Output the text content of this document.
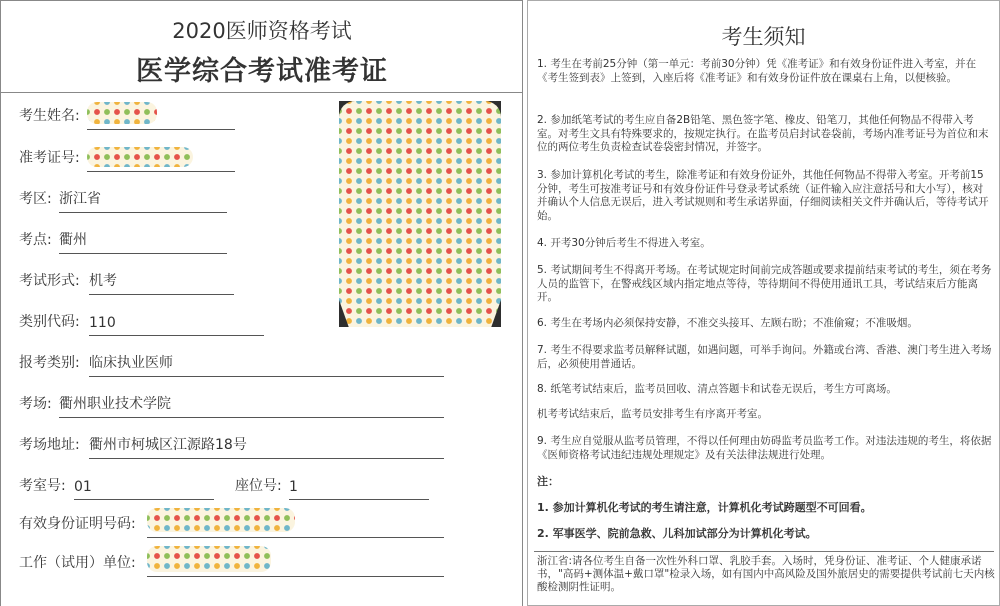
2020医师资格考试
医学综合考试准考证
考生姓名:
准考证号:
考区: 浙江省
考点: 衢州
考试形式: 机考
类别代码: 110
报考类别: 临床执业医师
考场: 衢州职业技术学院
考场地址: 衢州市柯城区江源路18号
考室号: 01	座位号: 1
有效身份证明号码:
工作（试用）单位:
考生须知
1. 考生在考前25分钟（第一单元：考前30分钟）凭《准考证》和有效身份证件进入考室，并在《考生签到表》上签到，入座后将《准考证》和有效身份证件放在课桌右上角，以便核验。
2. 参加纸笔考试的考生应自备2B铅笔、黑色签字笔、橡皮、铅笔刀，其他任何物品不得带入考室。对考生文具有特殊要求的，按规定执行。在监考员启封试卷袋前，考场内准考证号为首位和末位的两位考生负责检查试卷袋密封情况，并签字。
3. 参加计算机化考试的考生，除准考证和有效身份证外，其他任何物品不得带入考室。开考前15分钟，考生可按准考证号和有效身份证件号登录考试系统（证件输入应注意括号和大小写），核对并确认个人信息无误后，进入考试规则和考生承诺界面，仔细阅读相关文件并确认后，等待考试开始。
4. 开考30分钟后考生不得进入考室。
5. 考试期间考生不得离开考场。在考试规定时间前完成答题或要求提前结束考试的考生，须在考务人员的监管下，在警戒线区域内指定地点等待，等待期间不得使用通讯工具，考试结束后方能离开。
6. 考生在考场内必须保持安静，不准交头接耳、左顾右盼；不准偷窥；不准吸烟。
7. 考生不得要求监考员解释试题，如遇问题，可举手询问。外籍或台湾、香港、澳门考生进入考场后，必须使用普通话。
8. 纸笔考试结束后，监考员回收、清点答题卡和试卷无误后，考生方可离场。
机考考试结束后，监考员安排考生有序离开考室。
9. 考生应自觉服从监考员管理，不得以任何理由妨碍监考员监考工作。对违法违规的考生，将依据《医师资格考试违纪违规处理规定》及有关法律法规进行处理。
注：
1. 参加计算机化考试的考生请注意，计算机化考试跨题型不可回看。
2. 军事医学、院前急救、儿科加试部分为计算机化考试。
浙江省:请各位考生自备一次性外科口罩、乳胶手套。入场时，凭身份证、准考证、个人健康承诺书，"高码+测体温+戴口罩"检录入场，如有国内中高风险及国外旅居史的需要提供考试前七天内核酸检测阴性证明。
